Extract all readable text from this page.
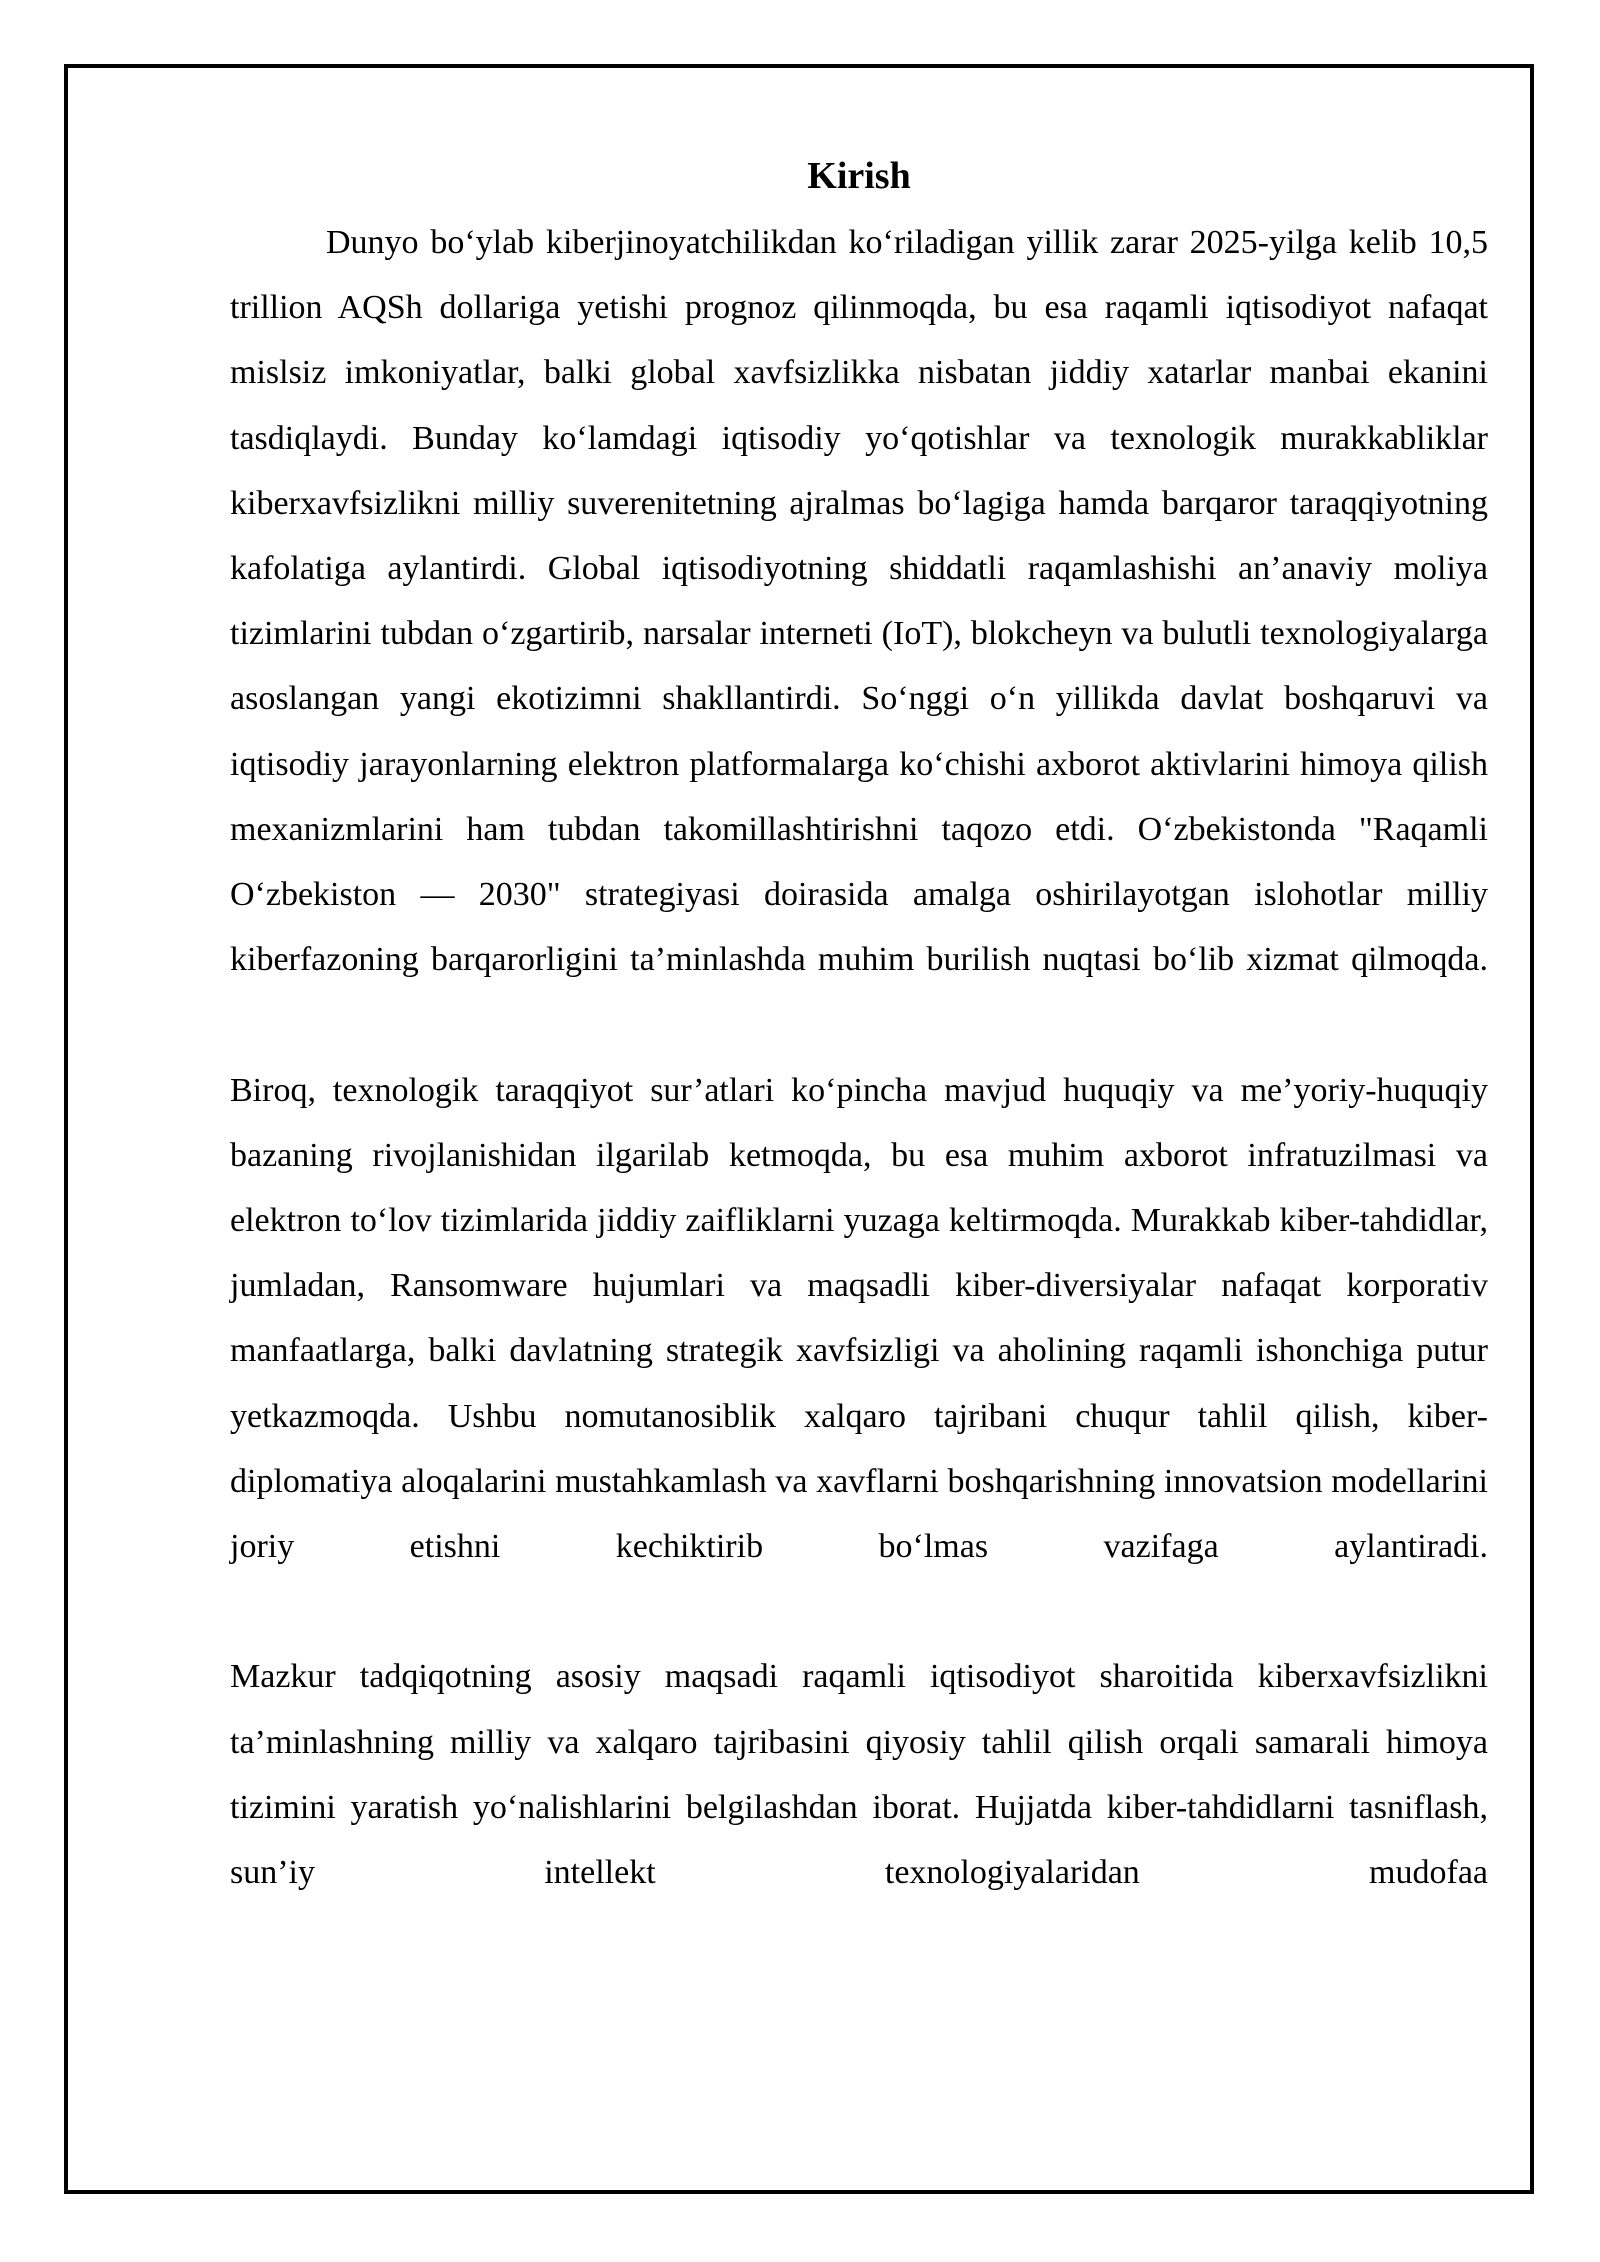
Kirish

Dunyo bo‘ylab kiberjinoyatchilikdan ko‘riladigan yillik zarar 2025-yilga kelib 10,5 trillion AQSh dollariga yetishi prognoz qilinmoqda, bu esa raqamli iqtisodiyot nafaqat mislsiz imkoniyatlar, balki global xavfsizlikka nisbatan jiddiy xatarlar manbai ekanini tasdiqlaydi. Bunday ko‘lamdagi iqtisodiy yo‘qotishlar va texnologik murakkabliklar kiberxavfsizlikni milliy suverenitetning ajralmas bo‘lagiga hamda barqaror taraqqiyotning kafolatiga aylantirdi. Global iqtisodiyotning shiddatli raqamlashishi an’anaviy moliya tizimlarini tubdan o‘zgartirib, narsalar interneti (IoT), blokcheyn va bulutli texnologiyalarga asoslangan yangi ekotizimni shakllantirdi. So‘nggi o‘n yillikda davlat boshqaruvi va iqtisodiy jarayonlarning elektron platformalarga ko‘chishi axborot aktivlarini himoya qilish mexanizmlarini ham tubdan takomillashtirishni taqozo etdi. O‘zbekistonda "Raqamli O‘zbekiston — 2030" strategiyasi doirasida amalga oshirilayotgan islohotlar milliy kiberfazoning barqarorligini ta’minlashda muhim burilish nuqtasi bo‘lib xizmat qilmoqda.

Biroq, texnologik taraqqiyot sur’atlari ko‘pincha mavjud huquqiy va me’yoriy-huquqiy bazaning rivojlanishidan ilgarilab ketmoqda, bu esa muhim axborot infratuzilmasi va elektron to‘lov tizimlarida jiddiy zaifliklarni yuzaga keltirmoqda. Murakkab kiber-tahdidlar, jumladan, Ransomware hujumlari va maqsadli kiber-diversiyalar nafaqat korporativ manfaatlarga, balki davlatning strategik xavfsizligi va aholining raqamli ishonchiga putur yetkazmoqda. Ushbu nomutanosiblik xalqaro tajribani chuqur tahlil qilish, kiber-diplomatiya aloqalarini mustahkamlash va xavflarni boshqarishning innovatsion modellarini joriy etishni kechiktirib bo‘lmas vazifaga aylantiradi.

Mazkur tadqiqotning asosiy maqsadi raqamli iqtisodiyot sharoitida kiberxavfsizlikni ta’minlashning milliy va xalqaro tajribasini qiyosiy tahlil qilish orqali samarali himoya tizimini yaratish yo‘nalishlarini belgilashdan iborat. Hujjatda kiber-tahdidlarni tasniflash, sun’iy intellekt texnologiyalaridan mudofaa
